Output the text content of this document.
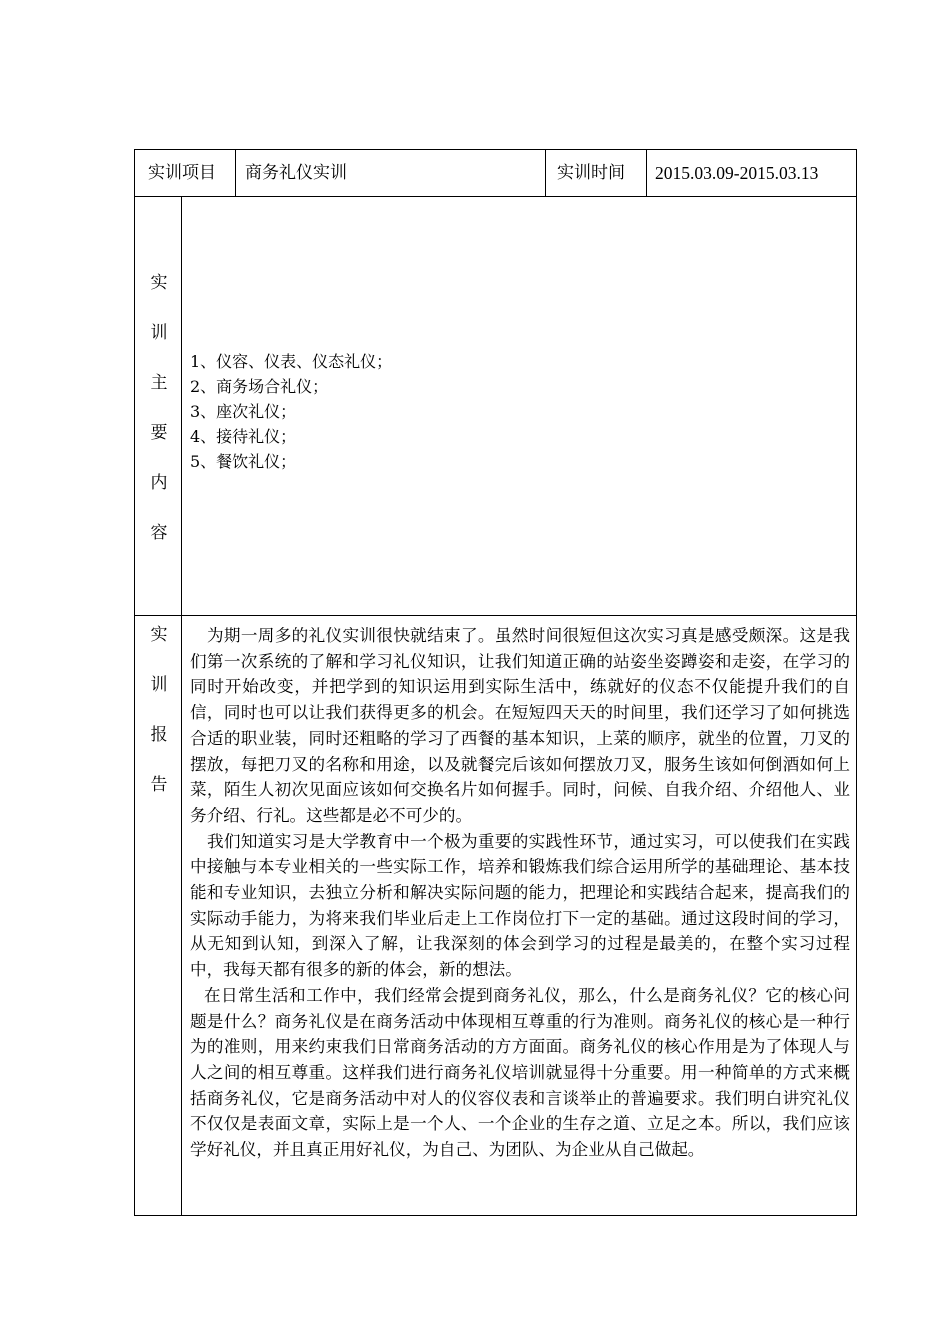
实训项目 商务礼仪实训	实训时间 2015.03.09-2015.03.13
实
训
主
要
内
容
1、仪容、仪表、仪态礼仪；
2、商务场合礼仪；
3、座次礼仪；
4、接待礼仪；
5、餐饮礼仪；
实
训
报
告

为期一周多的礼仪实训很快就结束了。虽然时间很短但这次实习真是感受颇深。这是我们第一次系统的了解和学习礼仪知识，让我们知道正确的站姿坐姿蹲姿和走姿，在学习的同时开始改变，并把学到的知识运用到实际生活中，练就好的仪态不仅能提升我们的自信，同时也可以让我们获得更多的机会。在短短四天天的时间里，我们还学习了如何挑选合适的职业装，同时还粗略的学习了西餐的基本知识，上菜的顺序，就坐的位置，刀叉的摆放，每把刀叉的名称和用途，以及就餐完后该如何摆放刀叉，服务生该如何倒酒如何上菜，陌生人初次见面应该如何交换名片如何握手。同时，问候、自我介绍、介绍他人、业务介绍、行礼。这些都是必不可少的。

我们知道实习是大学教育中一个极为重要的实践性环节，通过实习，可以使我们在实践中接触与本专业相关的一些实际工作，培养和锻炼我们综合运用所学的基础理论、基本技能和专业知识，去独立分析和解决实际问题的能力，把理论和实践结合起来，提高我们的实际动手能力，为将来我们毕业后走上工作岗位打下一定的基础。通过这段时间的学习，从无知到认知，到深入了解，让我深刻的体会到学习的过程是最美的，在整个实习过程中，我每天都有很多的新的体会，新的想法。

在日常生活和工作中，我们经常会提到商务礼仪，那么，什么是商务礼仪？它的核心问题是什么？商务礼仪是在商务活动中体现相互尊重的行为准则。商务礼仪的核心是一种行为的准则，用来约束我们日常商务活动的方方面面。商务礼仪的核心作用是为了体现人与人之间的相互尊重。这样我们进行商务礼仪培训就显得十分重要。用一种简单的方式来概括商务礼仪，它是商务活动中对人的仪容仪表和言谈举止的普遍要求。我们明白讲究礼仪不仅仅是表面文章，实际上是一个人、一个企业的生存之道、立足之本。所以，我们应该学好礼仪，并且真正用好礼仪，为自己、为团队、为企业从自己做起。
